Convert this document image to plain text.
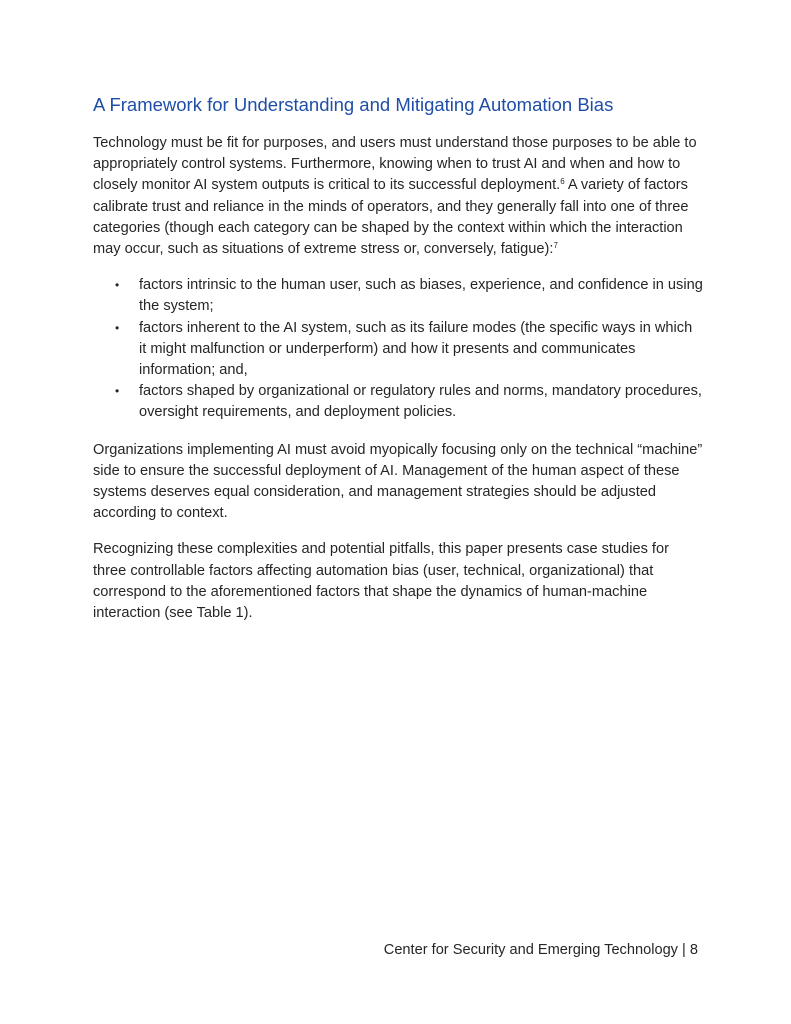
A Framework for Understanding and Mitigating Automation Bias

Technology must be fit for purposes, and users must understand those purposes to be able to appropriately control systems. Furthermore, knowing when to trust AI and when and how to closely monitor AI system outputs is critical to its successful deployment.$^6$ A variety of factors calibrate trust and reliance in the minds of operators, and they generally fall into one of three categories (though each category can be shaped by the context within which the interaction may occur, such as situations of extreme stress or, conversely, fatigue):$^7$

• factors intrinsic to the human user, such as biases, experience, and confidence in using the system;
• factors inherent to the AI system, such as its failure modes (the specific ways in which it might malfunction or underperform) and how it presents and communicates information; and,
• factors shaped by organizational or regulatory rules and norms, mandatory procedures, oversight requirements, and deployment policies.

Organizations implementing AI must avoid myopically focusing only on the technical “machine” side to ensure the successful deployment of AI. Management of the human aspect of these systems deserves equal consideration, and management strategies should be adjusted according to context.

Recognizing these complexities and potential pitfalls, this paper presents case studies for three controllable factors affecting automation bias (user, technical, organizational) that correspond to the aforementioned factors that shape the dynamics of human-machine interaction (see Table 1).

Center for Security and Emerging Technology | 8
